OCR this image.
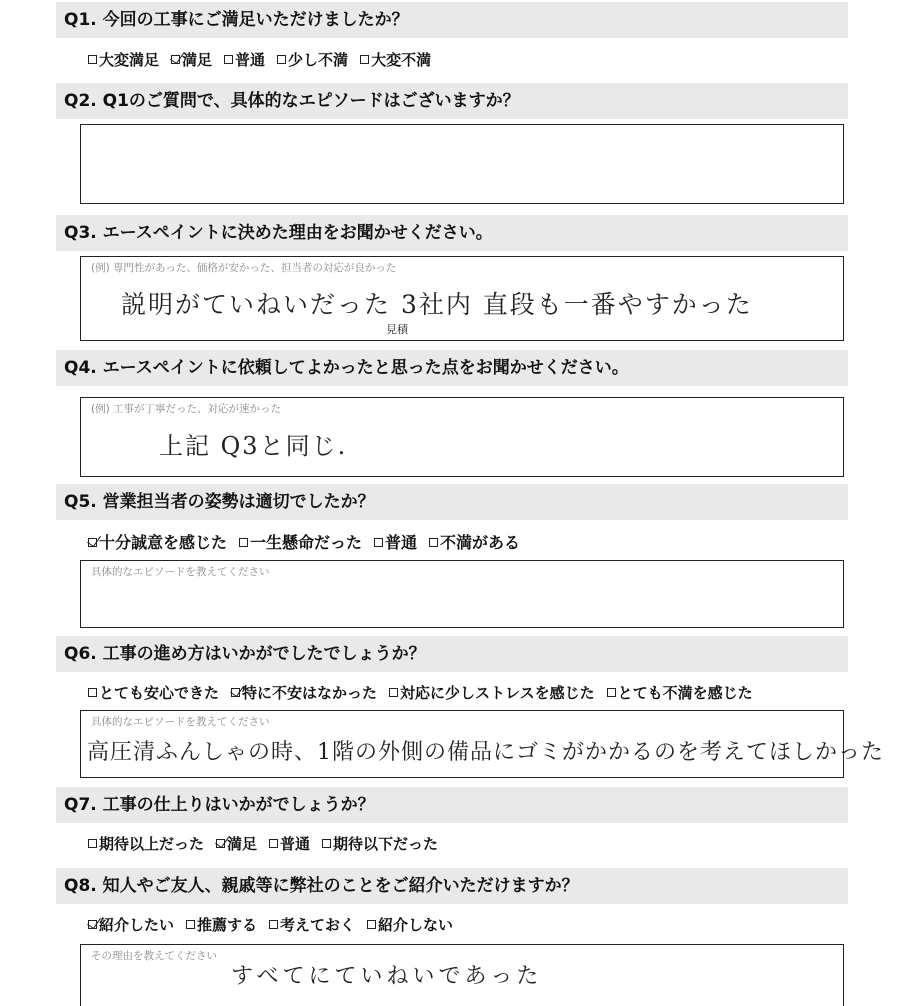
Q1. 今回の工事にご満足いただけましたか？
大変満足 満足 普通 少し不満 大変不満
Q2. Q1のご質問で、具体的なエピソードはございますか？
Q3. エースペイントに決めた理由をお聞かせください。
(例) 専門性があった、価格が安かった、担当者の対応が良かった
説明がていねいだった 3社内 直段も一番やすかった
見積
Q4. エースペイントに依頼してよかったと思った点をお聞かせください。
(例) 工事が丁寧だった、対応が速かった
上記 Q3と同じ.
Q5. 営業担当者の姿勢は適切でしたか？
十分誠意を感じた 一生懸命だった 普通 不満がある
具体的なエピソードを教えてください
Q6. 工事の進め方はいかがでしたでしょうか？
とても安心できた 特に不安はなかった 対応に少しストレスを感じた とても不満を感じた
具体的なエピソードを教えてください
高圧清ふんしゃの時、1階の外側の備品にゴミがかかるのを考えてほしかった
Q7. 工事の仕上りはいかがでしょうか？
期待以上だった 満足 普通 期待以下だった
Q8. 知人やご友人、親戚等に弊社のことをご紹介いただけますか？
紹介したい 推薦する 考えておく 紹介しない
その理由を教えてください
すべてにていねいであった
